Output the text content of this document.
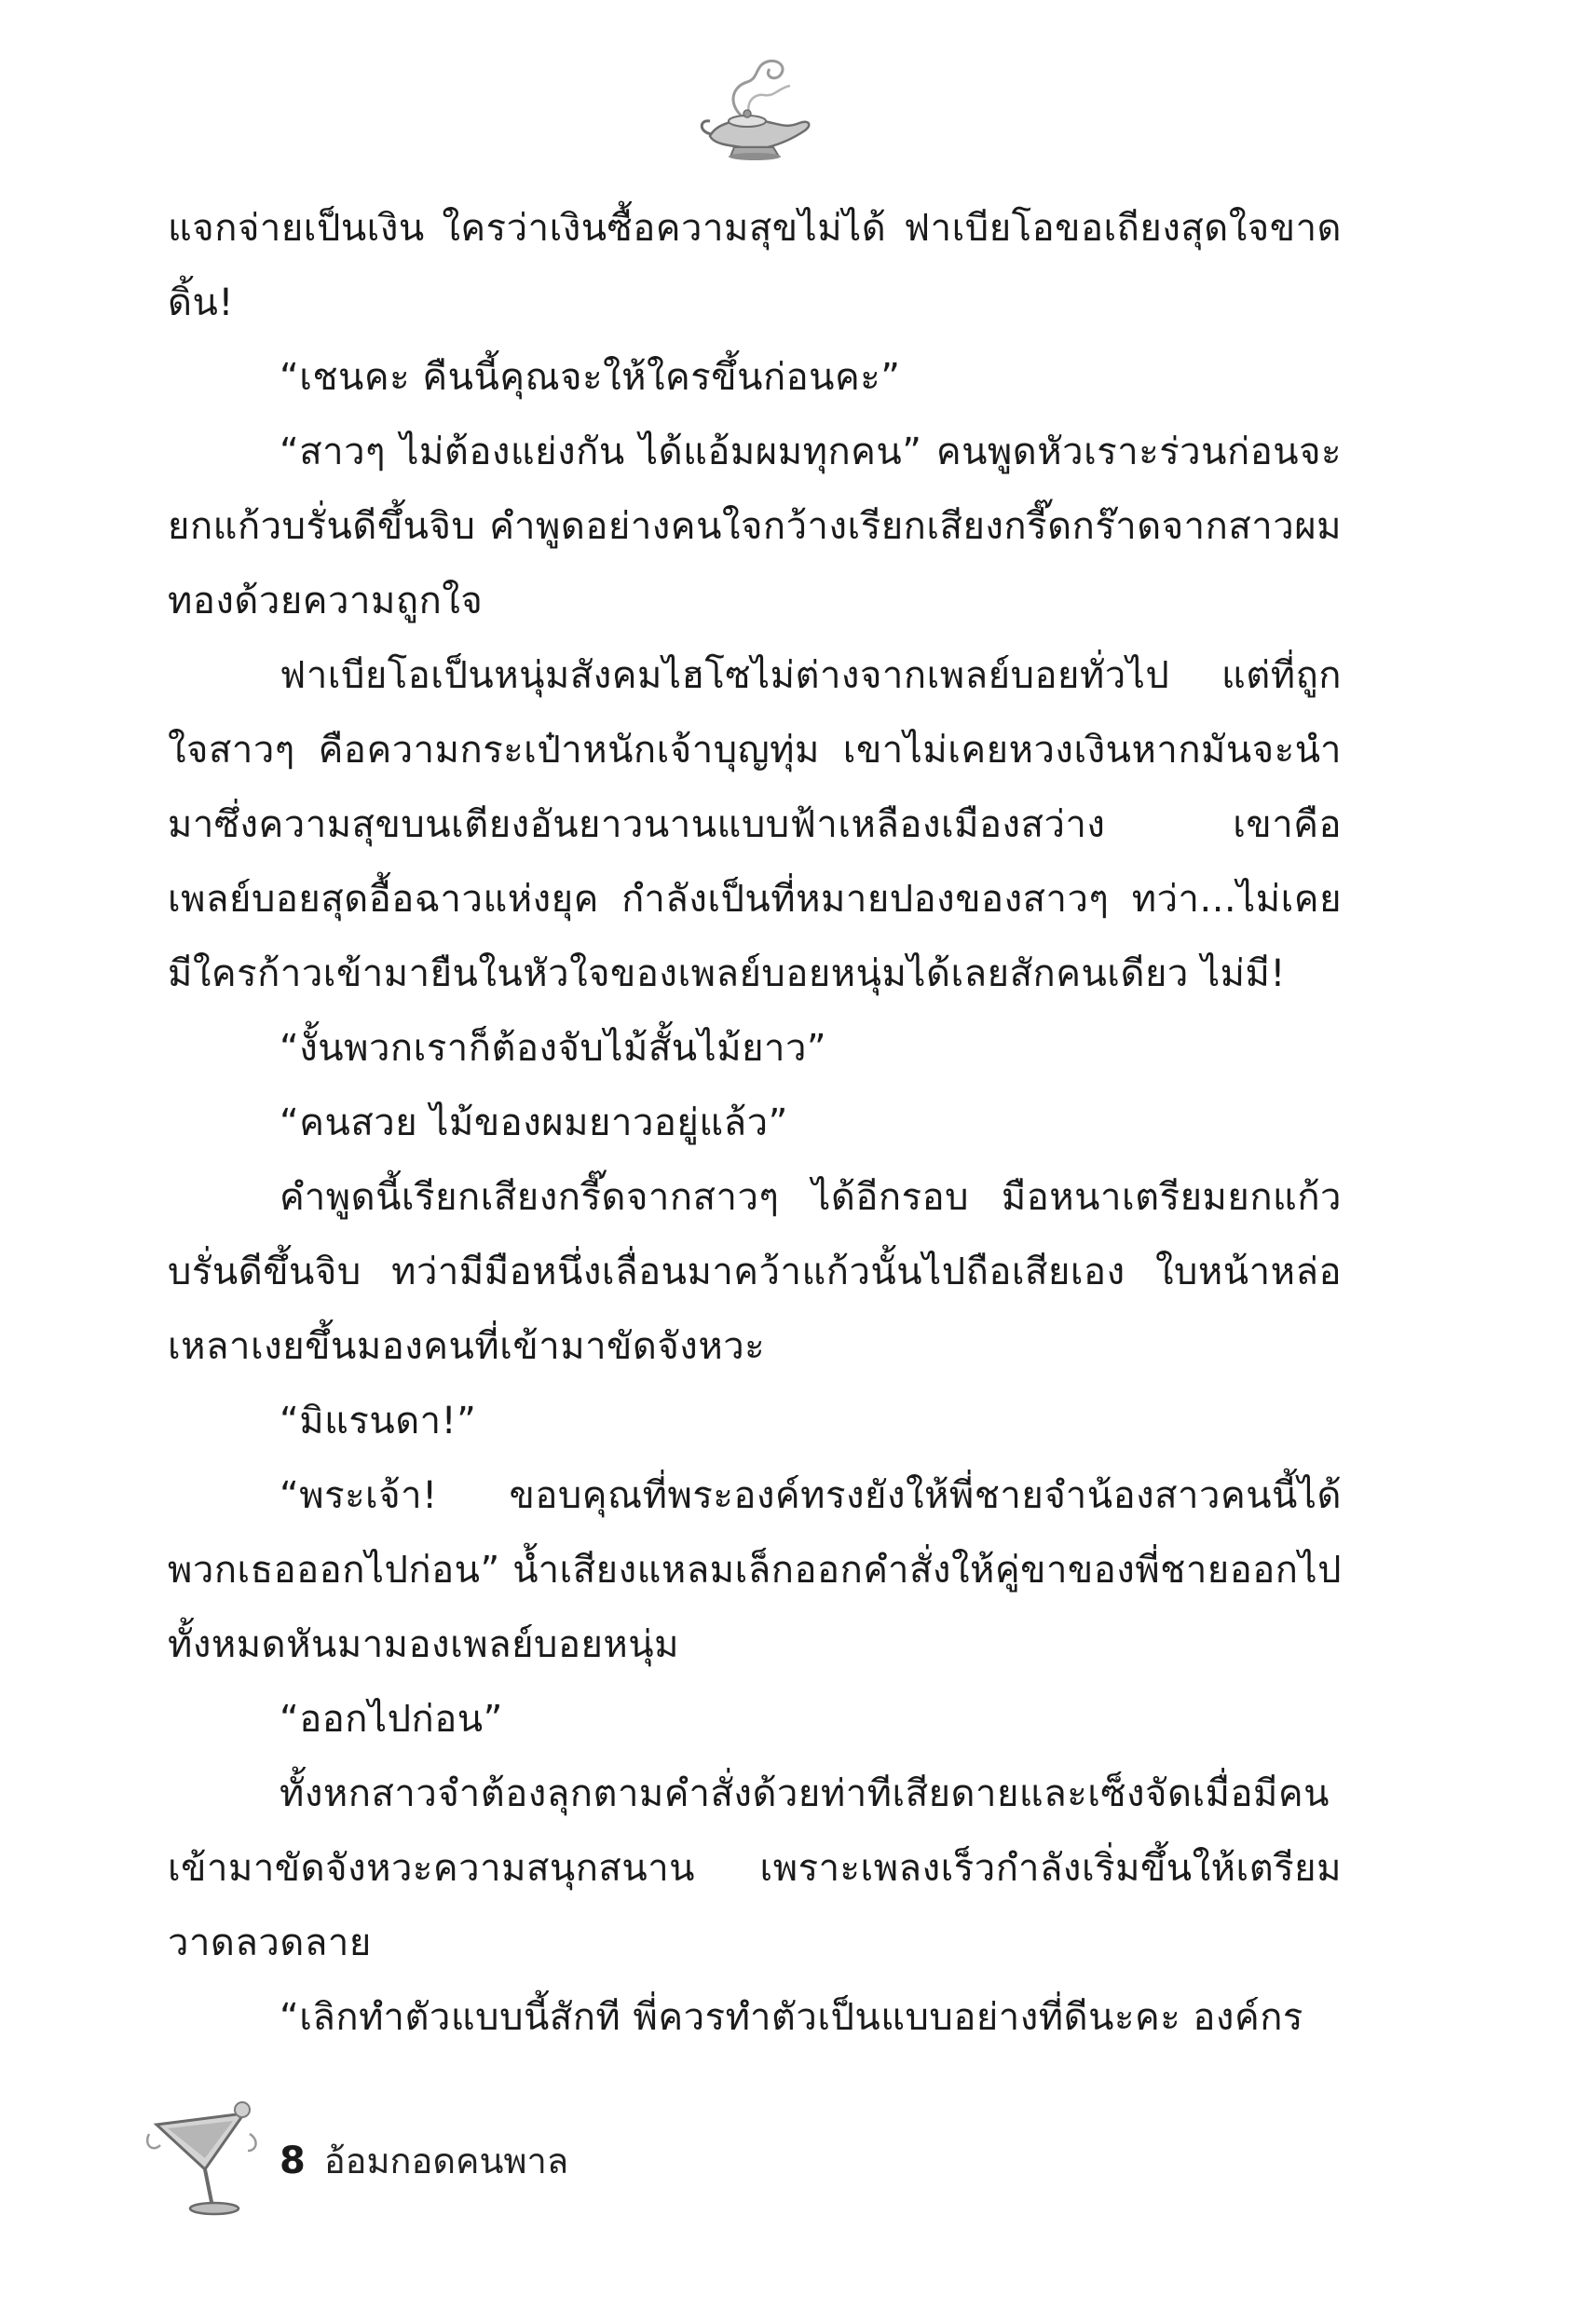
แจกจ่ายเป็นเงิน ใครว่าเงินซื้อความสุขไม่ได้ ฟาเบียโอขอเถียงสุดใจขาดดิ้น!

“เชนคะ คืนนี้คุณจะให้ใครขึ้นก่อนคะ”

“สาวๆ ไม่ต้องแย่งกัน ได้แอ้มผมทุกคน” คนพูดหัวเราะร่วนก่อนจะยกแก้วบรั่นดีขึ้นจิบ คำพูดอย่างคนใจกว้างเรียกเสียงกรี๊ดกร๊าดจากสาวผมทองด้วยความถูกใจ

ฟาเบียโอเป็นหนุ่มสังคมไฮโซไม่ต่างจากเพลย์บอยทั่วไป แต่ที่ถูกใจสาวๆ คือความกระเป๋าหนักเจ้าบุญทุ่ม เขาไม่เคยหวงเงินหากมันจะนำมาซึ่งความสุขบนเตียงอันยาวนานแบบฟ้าเหลืองเมืองสว่าง เขาคือเพลย์บอยสุดอื้อฉาวแห่งยุค กำลังเป็นที่หมายปองของสาวๆ ทว่า...ไม่เคยมีใครก้าวเข้ามายืนในหัวใจของเพลย์บอยหนุ่มได้เลยสักคนเดียว ไม่มี!

“งั้นพวกเราก็ต้องจับไม้สั้นไม้ยาว”

“คนสวย ไม้ของผมยาวอยู่แล้ว”

คำพูดนี้เรียกเสียงกรี๊ดจากสาวๆ ได้อีกรอบ มือหนาเตรียมยกแก้วบรั่นดีขึ้นจิบ ทว่ามีมือหนึ่งเลื่อนมาคว้าแก้วนั้นไปถือเสียเอง ใบหน้าหล่อเหลาเงยขึ้นมองคนที่เข้ามาขัดจังหวะ

“มิแรนดา!”

“พระเจ้า! ขอบคุณที่พระองค์ทรงยังให้พี่ชายจำน้องสาวคนนี้ได้ พวกเธอออกไปก่อน” น้ำเสียงแหลมเล็กออกคำสั่งให้คู่ขาของพี่ชายออกไป ทั้งหมดหันมามองเพลย์บอยหนุ่ม

“ออกไปก่อน”

ทั้งหกสาวจำต้องลุกตามคำสั่งด้วยท่าทีเสียดายและเซ็งจัดเมื่อมีคนเข้ามาขัดจังหวะความสนุกสนาน เพราะเพลงเร็วกำลังเริ่มขึ้นให้เตรียมวาดลวดลาย

“เลิกทำตัวแบบนี้สักที พี่ควรทำตัวเป็นแบบอย่างที่ดีนะคะ องค์กร

8 อ้อมกอดคนพาล
